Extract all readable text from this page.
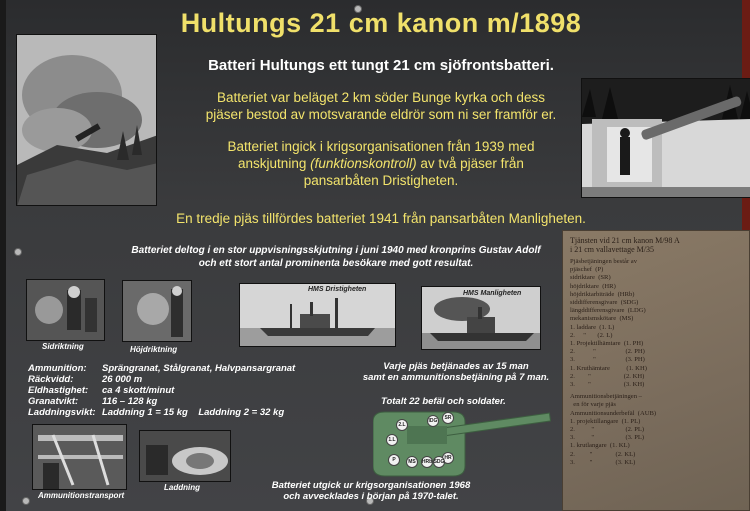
Hultungs 21 cm kanon m/1898
Batteri Hultungs ett tungt 21 cm sjöfrontsbatteri.
Batteriet var beläget 2 km söder Bunge kyrka och dess
pjäser bestod av motsvarande eldrör som ni ser framför er.
Batteriet ingick i krigsorganisationen från 1939 med
anskjutning (funktionskontroll) av två pjäser från
pansarbåten Dristigheten.
En tredje pjäs tillfördes batteriet 1941 från pansarbåten Manligheten.
Batteriet deltog i en stor uppvisningsskjutning i juni 1940 med kronprins Gustav Adolf
och ett stort antal prominenta besökare med gott resultat.
Sidriktning	Höjdriktning
HMS Dristigheten
HMS Manligheten
Ammunition:	Sprängranat, Stålgranat, Halvpansargranat
Räckvidd:	26 000 m
Eldhastighet:	ca 4 skott/minut
Granatvikt:	116 – 128 kg
Laddningsvikt: Laddning 1 = 15 kg    Laddning 2 = 32 kg
Varje pjäs betjänades av 15 man
samt en ammunitionsbetjäning på 7 man.
Totalt 22 befäl och soldater.
2.L
lDG	SR
1.L
P	HR
HRb SDG
MS
Ammunitionstransport
Laddning	Batteriet utgick ur krigsorganisationen 1968
och avvecklades i början på 1970-talet.
Tjänsten vid 21 cm kanon M/98 A
i 21 cm vallavettage M/35
Pjäsbetjäningen består av
pjäschef  (P)
sidriktare  (SR)
höjdriktare  (HR)
höjdriktarbiträde  (HRb)
siddifferensgivare  (SDG)
längddifferensgivare  (LDG)
mekanismskötare  (MS)
1. laddare  (1. L)
2.     "       (2. L)
1. Projektilhämtare  (1. PH)
2.           "                  (2. PH)
3.           "                  (3. PH)
1. Kruthämtare          (1. KH)
2.        "                    (2. KH)
3.        "                    (3. KH)
Ammunitionsbetjäningen –
en för varje pjäs
Ammunitionsunderbefäl  (AUB)
1. projektillangare  (1. PL)
2.          "                   (2. PL)
3.          "                   (3. PL)
1. krutlangare  (1. KL)
2.         "              (2. KL)
3.         "              (3. KL)
